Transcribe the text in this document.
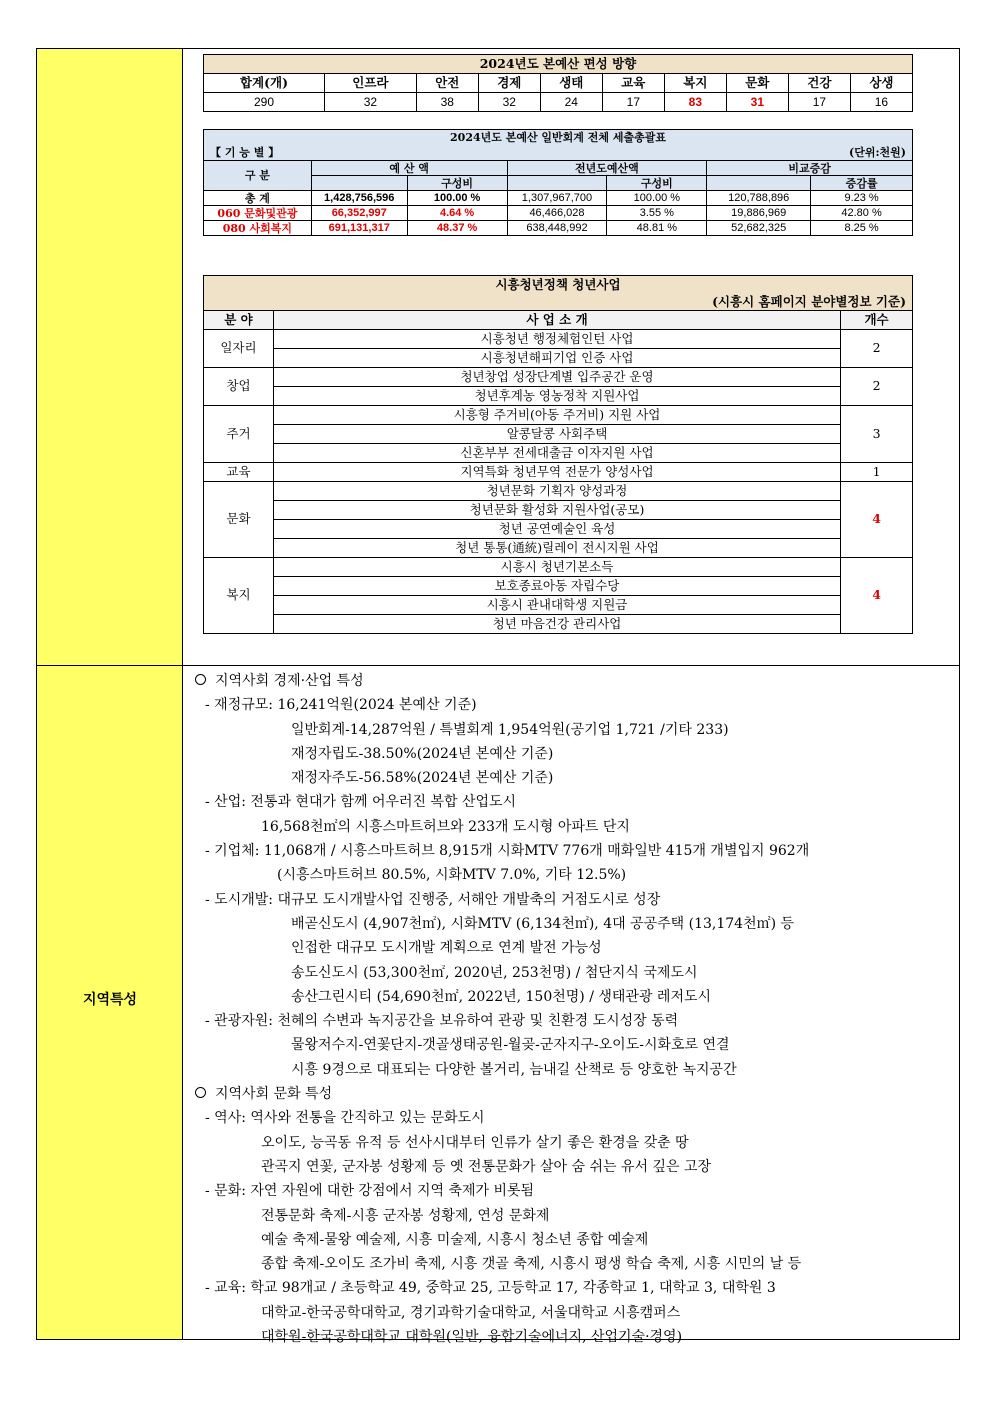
지역특성
2024년도 본예산 편성 방향									
합계(개)	인프라	안전	경제	생태	교육	복지	문화	건강	상생
290	32	38	32	24	17	83	31	17	16
2024년도 본예산 일반회계 전체 세출총괄표						

【 기 능 별 】 (단위:천원)						

구 분	예 산 액		전년도예산액		비교증감	
		구성비		구성비		증감률
총 계	1,428,756,596	100.00 %	1,307,967,700	100.00 %	120,788,896	9.23 %
060 문화및관광	66,352,997	4.64 %	46,466,028	3.55 %	19,886,969	42.80 %
080 사회복지	691,131,317	48.37 %	638,448,992	48.81 %	52,682,325	8.25 %
시흥청년정책 청년사업		
(시흥시 홈페이지 분야별정보 기준)		
분 야	사 업 소 개	개수
일자리	시흥청년 행정체험인턴 사업	2
	시흥청년해피기업 인증 사업	
창업	청년창업 성장단계별 입주공간 운영	2
	청년후계농 영농정착 지원사업	
주거	시흥형 주거비(아동 주거비) 지원 사업	3
	알콩달콩 사회주택	
	신혼부부 전세대출금 이자지원 사업	
교육	지역특화 청년무역 전문가 양성사업	1
문화	청년문화 기획자 양성과정	4
	청년문화 활성화 지원사업(공모)	
	청년 공연예술인 육성	
	청년 통통(通統)릴레이 전시지원 사업	
복지	시흥시 청년기본소득	4
	보호종료아동 자립수당	
	시흥시 관내대학생 지원금	
	청년 마음건강 관리사업	
지역사회 경제·산업 특성
- 재정규모: 16,241억원(2024 본예산 기준)
일반회계-14,287억원 / 특별회계 1,954억원(공기업 1,721 /기타 233)
재정자립도-38.50%(2024년 본예산 기준)
재정자주도-56.58%(2024년 본예산 기준)
- 산업: 전통과 현대가 함께 어우러진 복합 산업도시
16,568천㎡의 시흥스마트허브와 233개 도시형 아파트 단지
- 기업체: 11,068개 / 시흥스마트허브 8,915개 시화MTV 776개 매화일반 415개 개별입지 962개
(시흥스마트허브 80.5%, 시화MTV 7.0%, 기타 12.5%)
- 도시개발: 대규모 도시개발사업 진행중, 서해안 개발축의 거점도시로 성장
배곧신도시 (4,907천㎡), 시화MTV (6,134천㎡), 4대 공공주택 (13,174천㎡) 등
인접한 대규모 도시개발 계획으로 연계 발전 가능성
송도신도시 (53,300천㎡, 2020년, 253천명) / 첨단지식 국제도시
송산그린시티 (54,690천㎡, 2022년, 150천명) / 생태관광 레저도시
- 관광자원: 천혜의 수변과 녹지공간을 보유하여 관광 및 친환경 도시성장 동력
물왕저수지-연꽃단지-갯골생태공원-월곶-군자지구-오이도-시화호로 연결
시흥 9경으로 대표되는 다양한 볼거리, 늠내길 산책로 등 양호한 녹지공간
지역사회 문화 특성
- 역사: 역사와 전통을 간직하고 있는 문화도시
오이도, 능곡동 유적 등 선사시대부터 인류가 살기 좋은 환경을 갖춘 땅
관곡지 연꽃, 군자봉 성황제 등 옛 전통문화가 살아 숨 쉬는 유서 깊은 고장
- 문화: 자연 자원에 대한 강점에서 지역 축제가 비롯됨
전통문화 축제-시흥 군자봉 성황제, 연성 문화제
예술 축제-물왕 예술제, 시흥 미술제, 시흥시 청소년 종합 예술제
종합 축제-오이도 조가비 축제, 시흥 갯골 축제, 시흥시 평생 학습 축제, 시흥 시민의 날 등
- 교육: 학교 98개교 / 초등학교 49, 중학교 25, 고등학교 17, 각종학교 1, 대학교 3, 대학원 3
대학교-한국공학대학교, 경기과학기술대학교, 서울대학교 시흥캠퍼스
대학원-한국공학대학교 대학원(일반, 융합기술에너지, 산업기술·경영)
